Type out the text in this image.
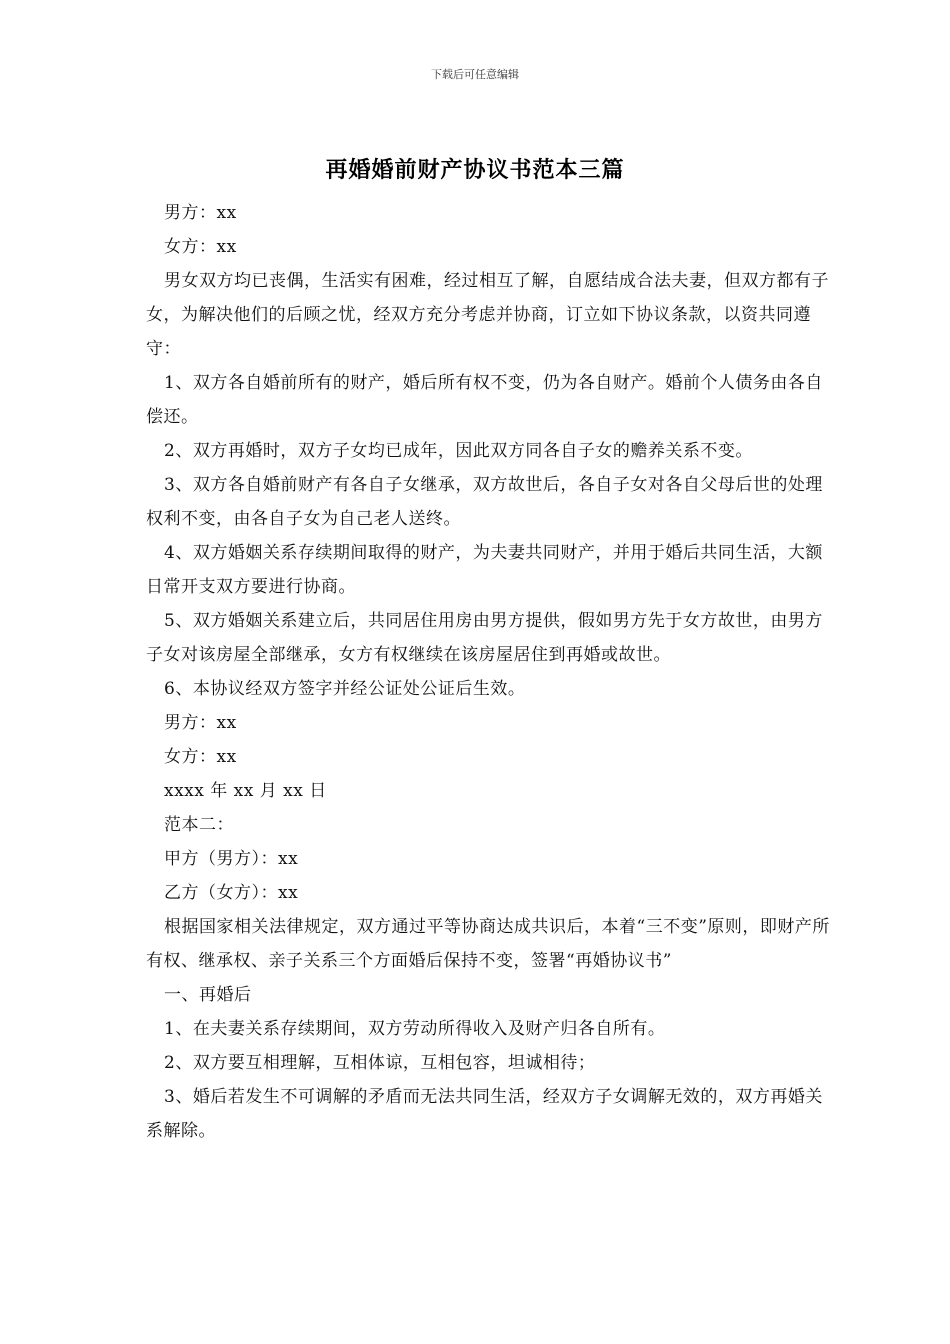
下载后可任意编辑
再婚婚前财产协议书范本三篇

男方：xx

女方：xx

男女双方均已丧偶，生活实有困难，经过相互了解，自愿结成合法夫妻，但双方都有子女，为解决他们的后顾之忧，经双方充分考虑并协商，订立如下协议条款，以资共同遵守：

1、双方各自婚前所有的财产，婚后所有权不变，仍为各自财产。婚前个人债务由各自偿还。

2、双方再婚时，双方子女均已成年，因此双方同各自子女的赡养关系不变。

3、双方各自婚前财产有各自子女继承，双方故世后，各自子女对各自父母后世的处理权利不变，由各自子女为自己老人送终。

4、双方婚姻关系存续期间取得的财产，为夫妻共同财产，并用于婚后共同生活，大额日常开支双方要进行协商。

5、双方婚姻关系建立后，共同居住用房由男方提供，假如男方先于女方故世，由男方子女对该房屋全部继承，女方有权继续在该房屋居住到再婚或故世。

6、本协议经双方签字并经公证处公证后生效。

男方：xx

女方：xx

xxxx 年 xx 月 xx 日

范本二：

甲方（男方）：xx

乙方（女方）：xx

根据国家相关法律规定，双方通过平等协商达成共识后，本着“三不变”原则，即财产所有权、继承权、亲子关系三个方面婚后保持不变，签署“再婚协议书”

一、再婚后

1、在夫妻关系存续期间，双方劳动所得收入及财产归各自所有。

2、双方要互相理解，互相体谅，互相包容，坦诚相待；

3、婚后若发生不可调解的矛盾而无法共同生活，经双方子女调解无效的，双方再婚关系解除。
